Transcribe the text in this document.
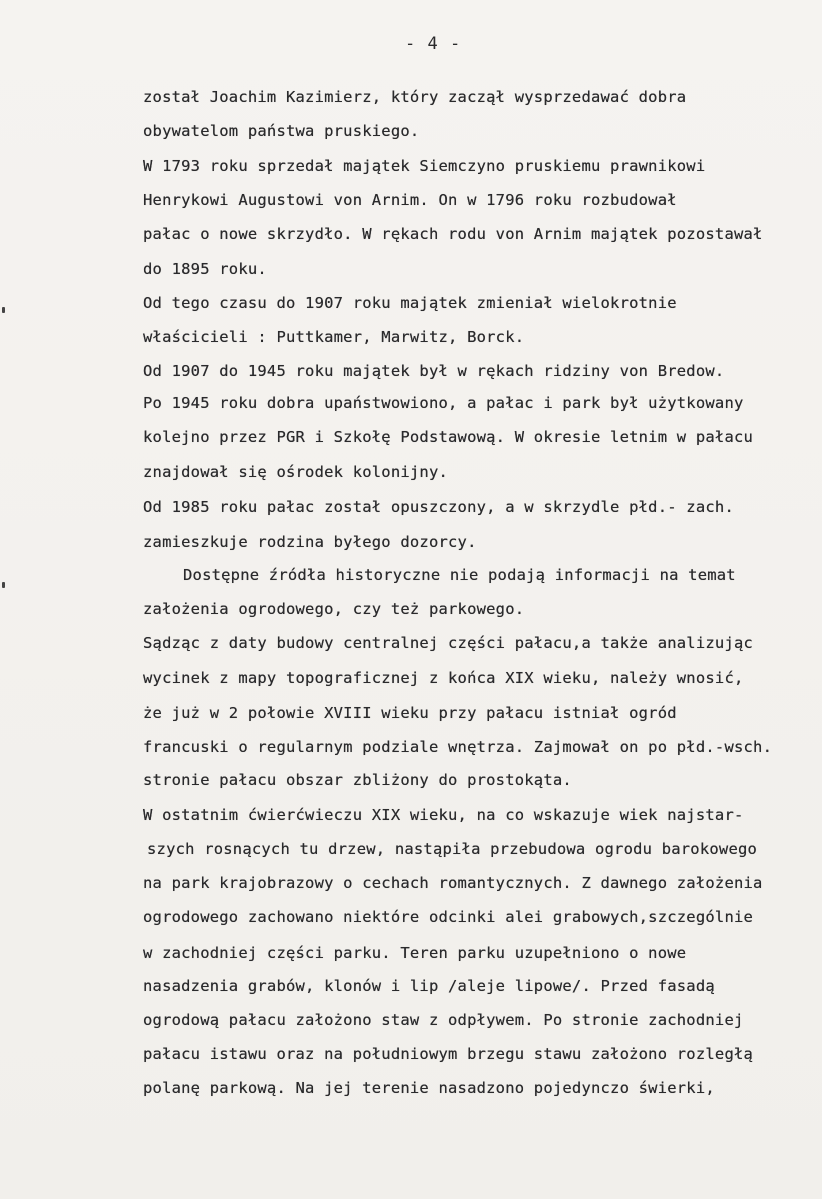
- 4 -
został Joachim Kazimierz, który zaczął wysprzedawać dobra
obywatelom państwa pruskiego.
W 1793 roku sprzedał majątek Siemczyno pruskiemu prawnikowi
Henrykowi Augustowi von Arnim. On w 1796 roku rozbudował
pałac o nowe skrzydło. W rękach rodu von Arnim majątek pozostawał
do 1895 roku.
Od tego czasu do 1907 roku majątek zmieniał wielokrotnie
właścicieli : Puttkamer, Marwitz, Borck.
Od 1907 do 1945 roku majątek był w rękach ridziny von Bredow.
Po 1945 roku dobra upaństwowiono, a pałac i park był użytkowany
kolejno przez PGR i Szkołę Podstawową. W okresie letnim w pałacu
znajdował się ośrodek kolonijny.
Od 1985 roku pałac został opuszczony, a w skrzydle płd.- zach.
zamieszkuje rodzina byłego dozorcy.
Dostępne źródła historyczne nie podają informacji na temat
założenia ogrodowego, czy też parkowego.
Sądząc z daty budowy centralnej części pałacu,a także analizując
wycinek z mapy topograficznej z końca XIX wieku, należy wnosić,
że już w 2 połowie XVIII wieku przy pałacu istniał ogród
francuski o regularnym podziale wnętrza. Zajmował on po płd.-wsch.
stronie pałacu obszar zbliżony do prostokąta.
W ostatnim ćwierćwieczu XIX wieku, na co wskazuje wiek najstar-
szych rosnących tu drzew, nastąpiła przebudowa ogrodu barokowego
na park krajobrazowy o cechach romantycznych. Z dawnego założenia
ogrodowego zachowano niektóre odcinki alei grabowych,szczególnie
w zachodniej części parku. Teren parku uzupełniono o nowe
nasadzenia grabów, klonów i lip /aleje lipowe/. Przed fasadą
ogrodową pałacu założono staw z odpływem. Po stronie zachodniej
pałacu istawu oraz na południowym brzegu stawu założono rozległą
polanę parkową. Na jej terenie nasadzono pojedynczo świerki,
